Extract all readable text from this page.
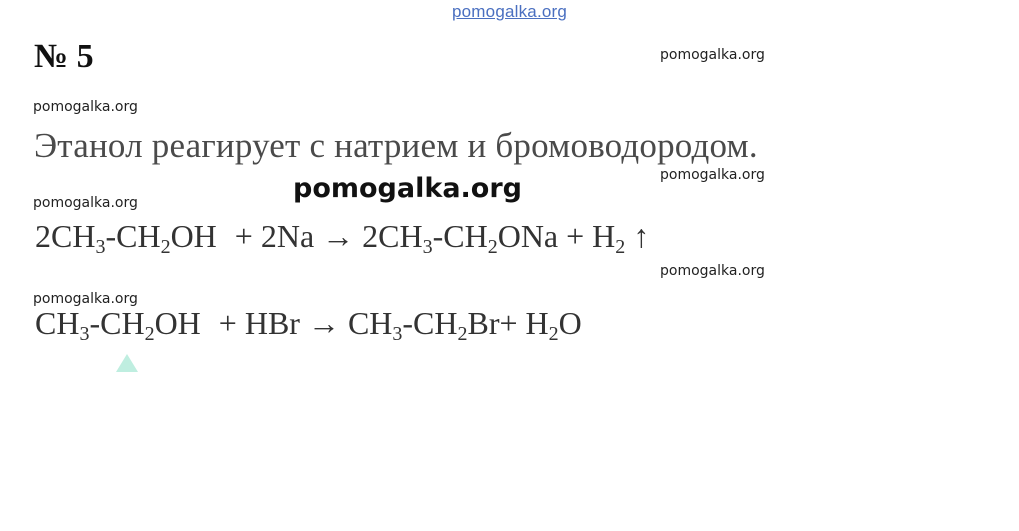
pomogalka.org
№ 5	pomogalka.org
pomogalka.org
Этанол реагирует с натрием и бромоводородом.
pomogalka.org
pomogalka.org
pomogalka.org
$2CH_3-CH_2OH + 2Na \to 2CH_3-CH_2ONa + H_2$ ↑
pomogalka.org
pomogalka.org
$CH_3-CH_2OH$ + HBr → $CH_3-CH_2Br+ H_2O$
